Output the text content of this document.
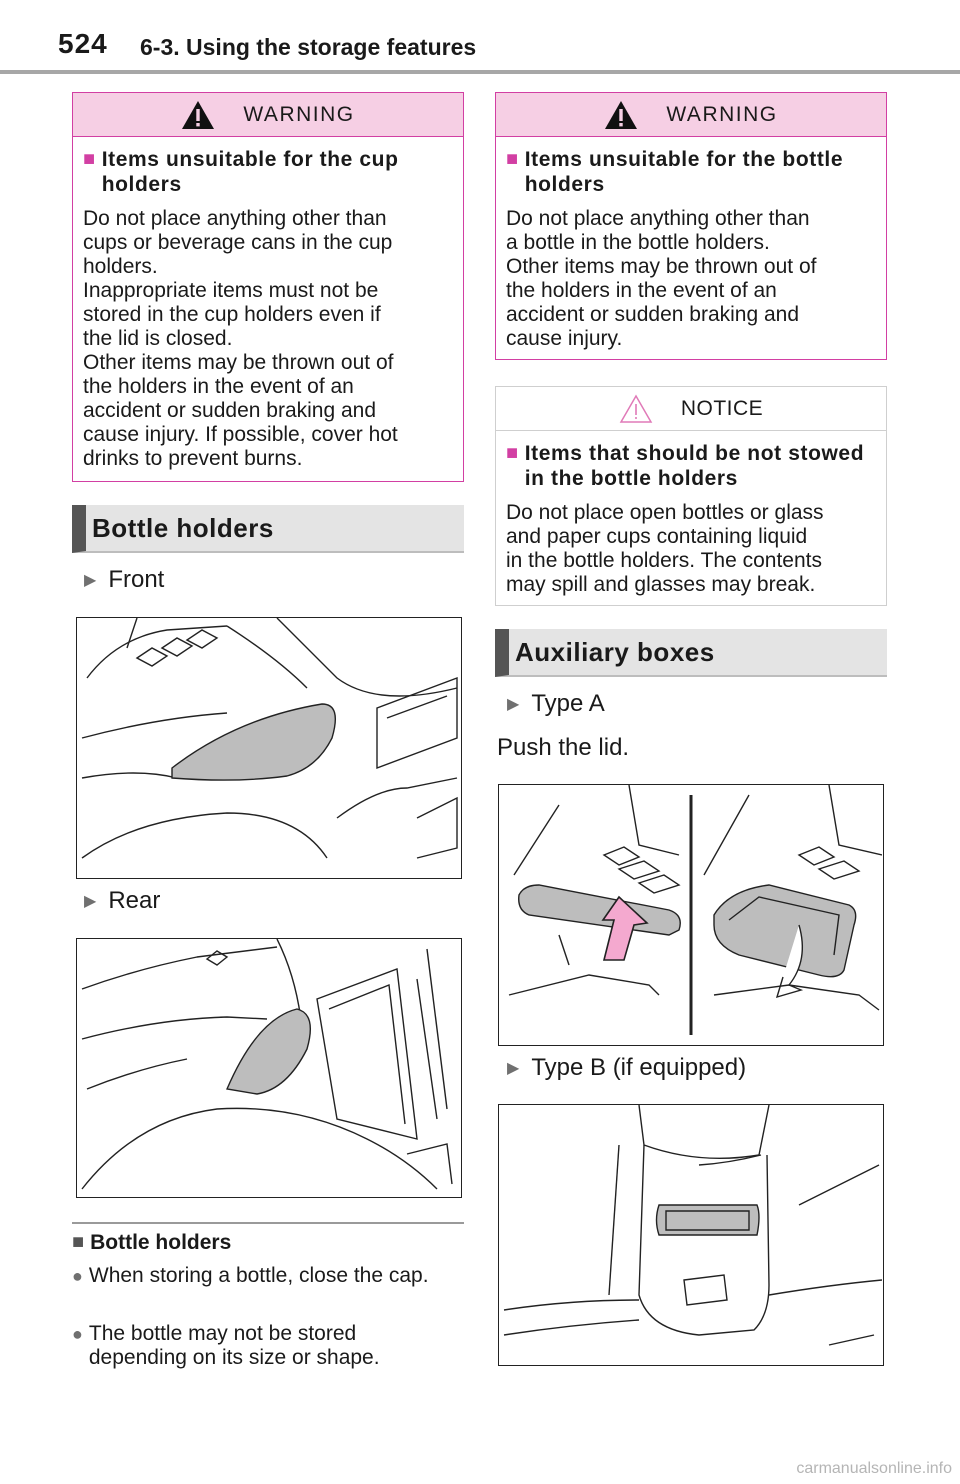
524 6-3. Using the storage features
WARNING
■ Items unsuitable for the cup holders
Do not place anything other than
cups or beverage cans in the cup
holders.
Inappropriate items must not be
stored in the cup holders even if
the lid is closed.
Other items may be thrown out of
the holders in the event of an
accident or sudden braking and
cause injury. If possible, cover hot
drinks to prevent burns.
WARNING
■ Items unsuitable for the bottle holders
Do not place anything other than
a bottle in the bottle holders.
Other items may be thrown out of
the holders in the event of an
accident or sudden braking and
cause injury.
NOTICE
■ Items that should be not stowed in the bottle holders
Do not place open bottles or glass
and paper cups containing liquid
in the bottle holders. The contents
may spill and glasses may break.
Bottle holders
▶ Front
▶ Rear
■ Bottle holders
● When storing a bottle, close the cap.
● The bottle may not be stored depending on its size or shape.
Auxiliary boxes
▶ Type A
Push the lid.
▶ Type B (if equipped)
carmanualsonline.info
